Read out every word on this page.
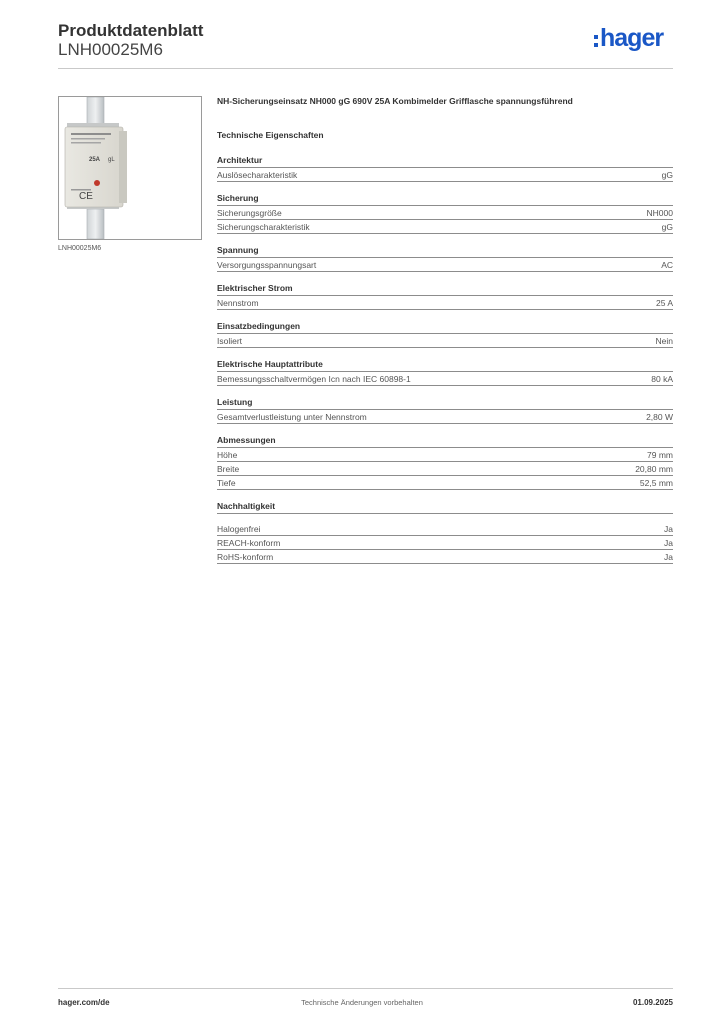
Produktdatenblatt
LNH00025M6	hager
CE
25A gL
LNH00025M6
NH-Sicherungseinsatz NH000 gG 690V 25A Kombimelder Grifflasche spannungsführend
Technische Eigenschaften
Architektur
Auslösecharakteristik	gG
Sicherung
Sicherungsgröße	NH000
Sicherungscharakteristik	gG
Spannung
Versorgungsspannungsart	AC
Elektrischer Strom
Nennstrom	25 A
Einsatzbedingungen
Isoliert	Nein
Elektrische Hauptattribute
Bemessungsschaltvermögen Icn nach IEC 60898-1	80 kA
Leistung
Gesamtverlustleistung unter Nennstrom	2,80 W
Abmessungen
Höhe	79 mm
Breite	20,80 mm
Tiefe	52,5 mm
Nachhaltigkeit
Halogenfrei	Ja
REACH-konform	Ja
RoHS-konform	Ja
hager.com/de	Technische Änderungen vorbehalten	01.09.2025
